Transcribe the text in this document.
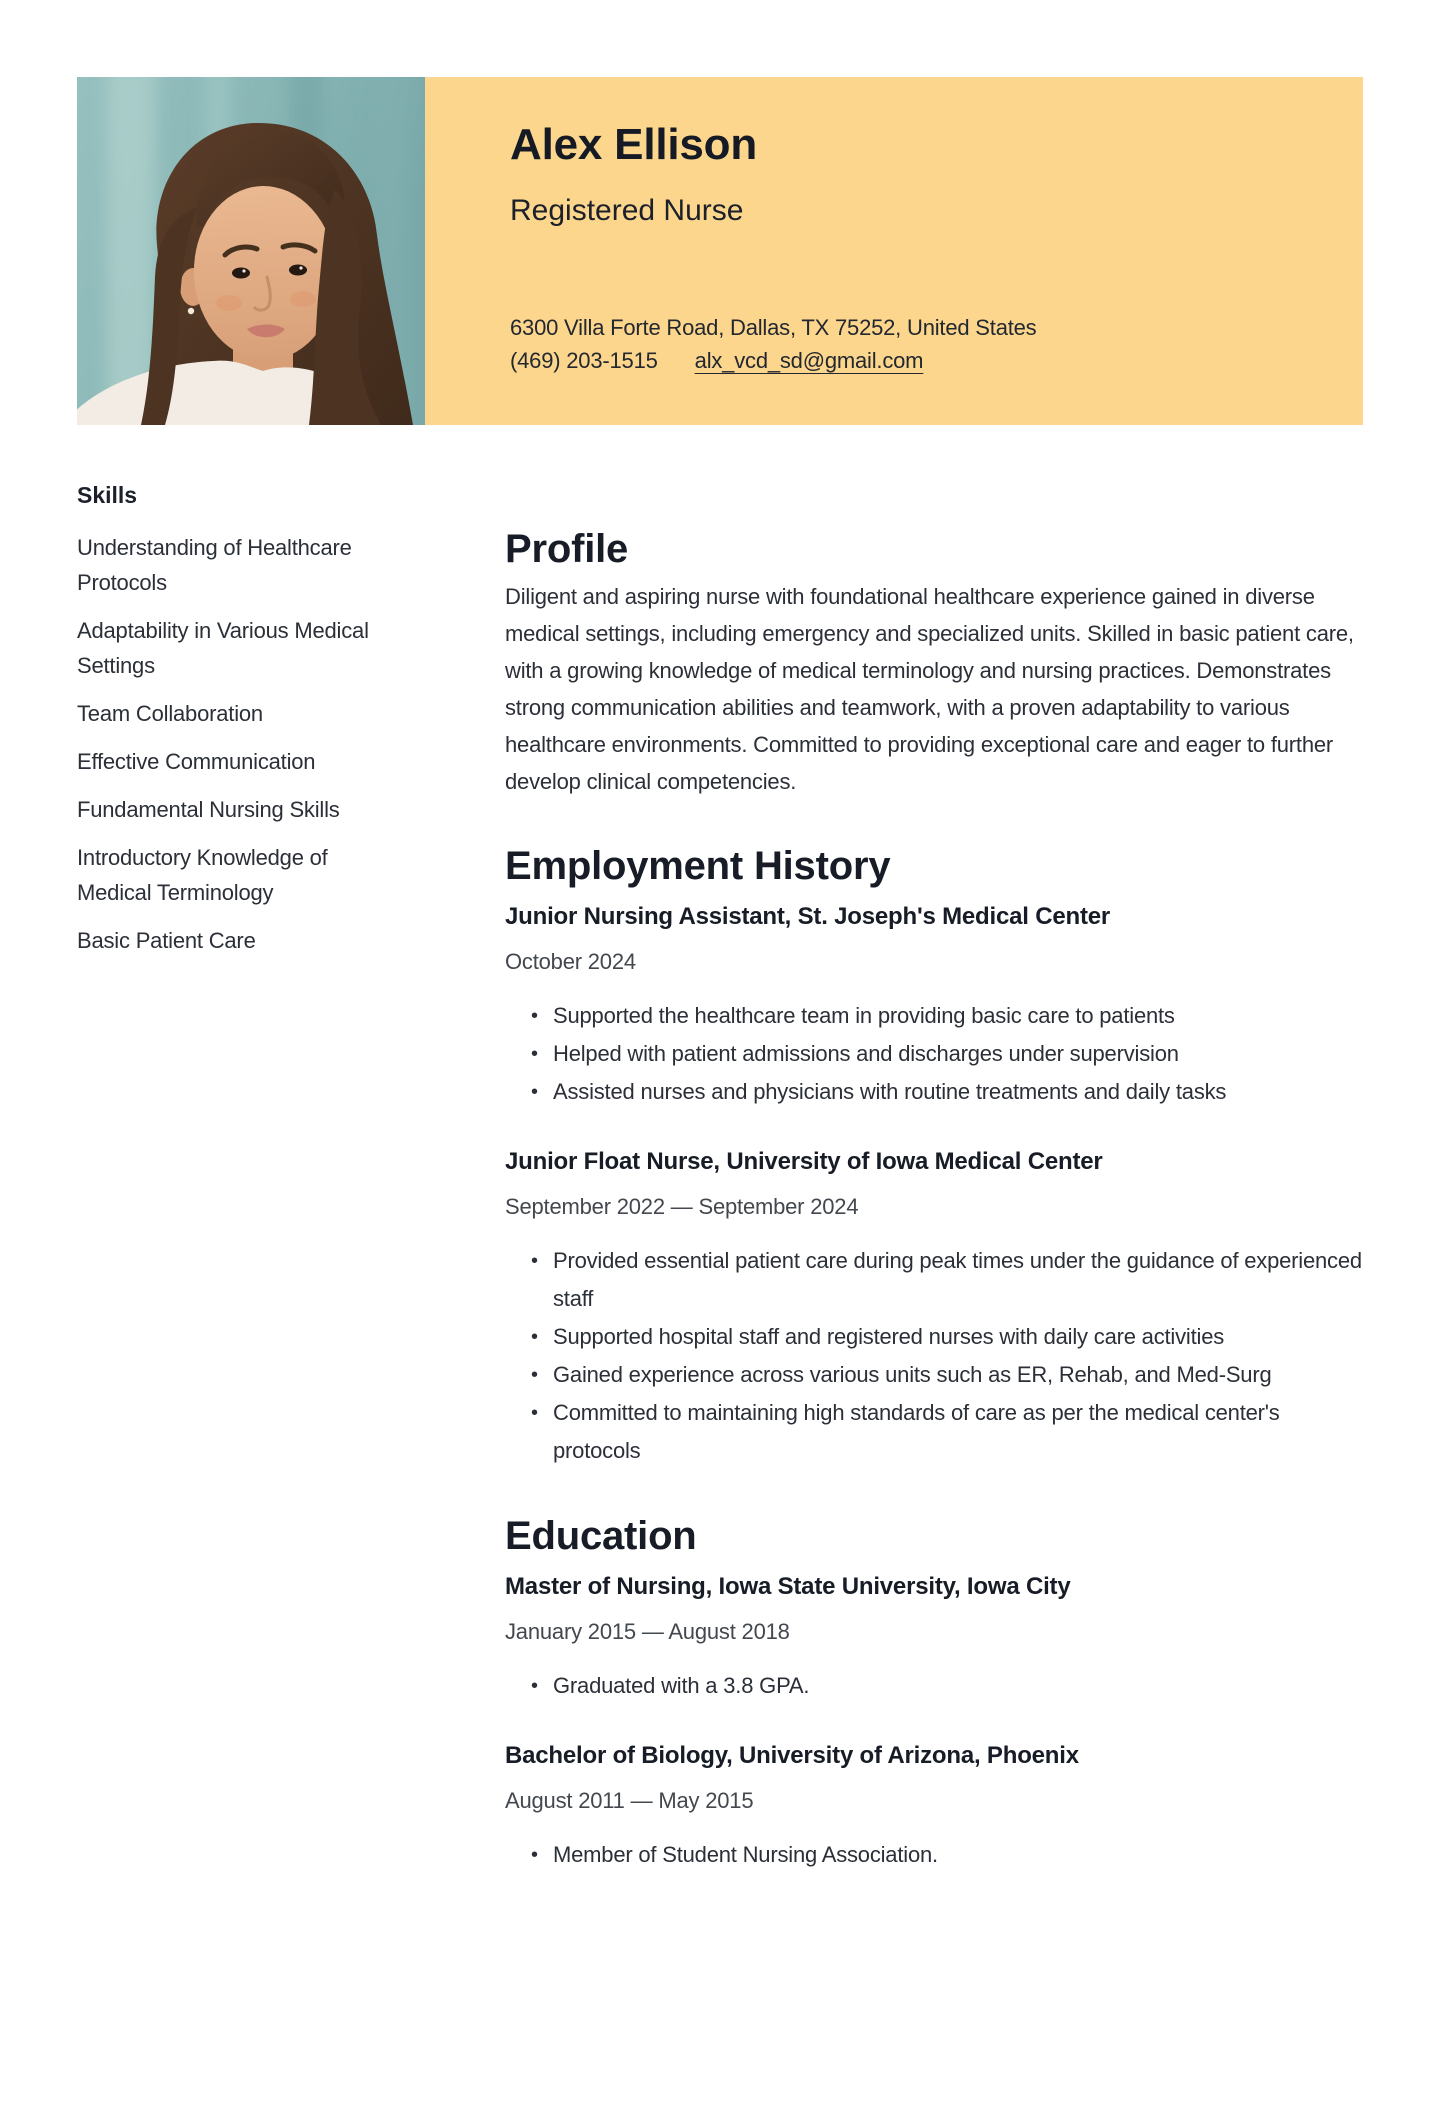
Alex Ellison
Registered Nurse
6300 Villa Forte Road, Dallas, TX 75252, United States
(469) 203-1515 alx_vcd_sd@gmail.com
Skills
Understanding of Healthcare Protocols
Adaptability in Various Medical Settings
Team Collaboration
Effective Communication
Fundamental Nursing Skills
Introductory Knowledge of Medical Terminology
Basic Patient Care
Profile

Diligent and aspiring nurse with foundational healthcare experience gained in diverse medical settings, including emergency and specialized units. Skilled in basic patient care, with a growing knowledge of medical terminology and nursing practices. Demonstrates strong communication abilities and teamwork, with a proven adaptability to various healthcare environments. Committed to providing exceptional care and eager to further develop clinical competencies.

Employment History
Junior Nursing Assistant, St. Joseph's Medical Center
October 2024
• Supported the healthcare team in providing basic care to patients
• Helped with patient admissions and discharges under supervision
• Assisted nurses and physicians with routine treatments and daily tasks
Junior Float Nurse, University of Iowa Medical Center
September 2022 — September 2024
• Provided essential patient care during peak times under the guidance of experienced staff
• Supported hospital staff and registered nurses with daily care activities
• Gained experience across various units such as ER, Rehab, and Med-Surg
• Committed to maintaining high standards of care as per the medical center's protocols
Education
Master of Nursing, Iowa State University, Iowa City
January 2015 — August 2018
• Graduated with a 3.8 GPA.
Bachelor of Biology, University of Arizona, Phoenix
August 2011 — May 2015
• Member of Student Nursing Association.
